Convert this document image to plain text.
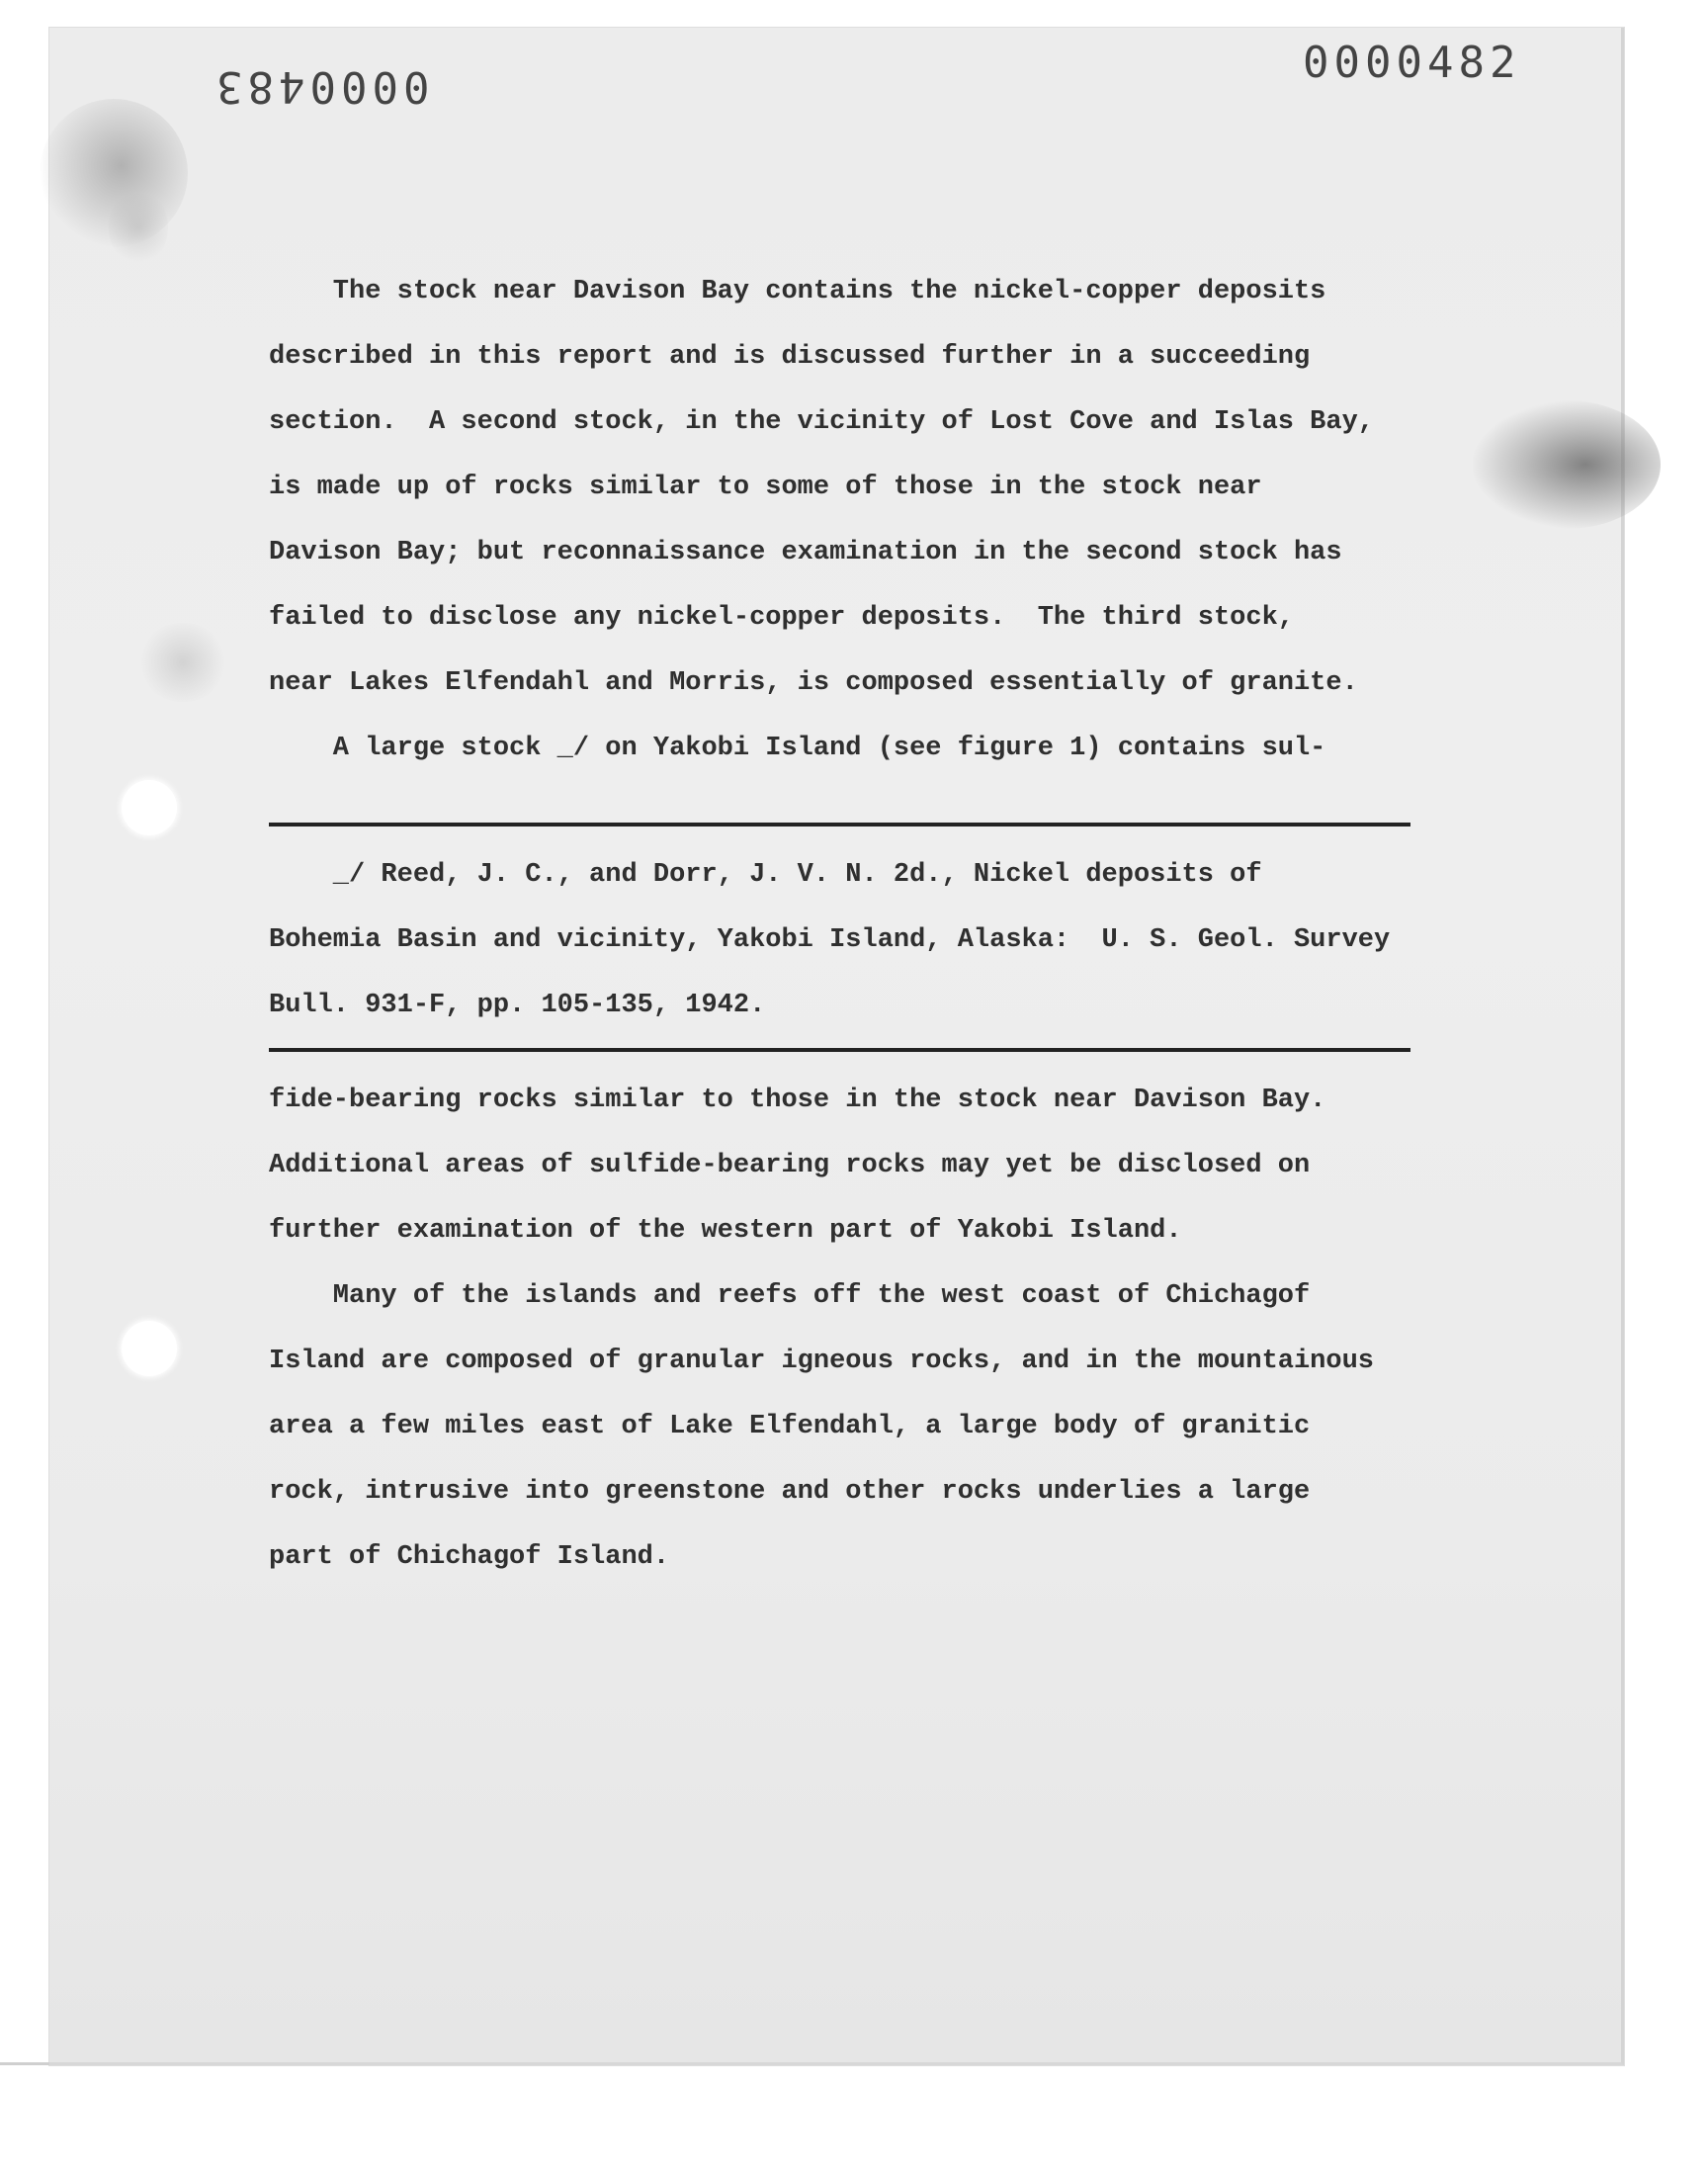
0000483	0000482
The stock near Davison Bay contains the nickel-copper deposits
described in this report and is discussed further in a succeeding
section.  A second stock, in the vicinity of Lost Cove and Islas Bay,
is made up of rocks similar to some of those in the stock near
Davison Bay; but reconnaissance examination in the second stock has
failed to disclose any nickel-copper deposits.  The third stock,
near Lakes Elfendahl and Morris, is composed essentially of granite.
A large stock _/ on Yakobi Island (see figure 1) contains sul-
_/ Reed, J. C., and Dorr, J. V. N. 2d., Nickel deposits of
Bohemia Basin and vicinity, Yakobi Island, Alaska:  U. S. Geol. Survey
Bull. 931-F, pp. 105-135, 1942.
fide-bearing rocks similar to those in the stock near Davison Bay.
Additional areas of sulfide-bearing rocks may yet be disclosed on
further examination of the western part of Yakobi Island.
Many of the islands and reefs off the west coast of Chichagof
Island are composed of granular igneous rocks, and in the mountainous
area a few miles east of Lake Elfendahl, a large body of granitic
rock, intrusive into greenstone and other rocks underlies a large
part of Chichagof Island.
